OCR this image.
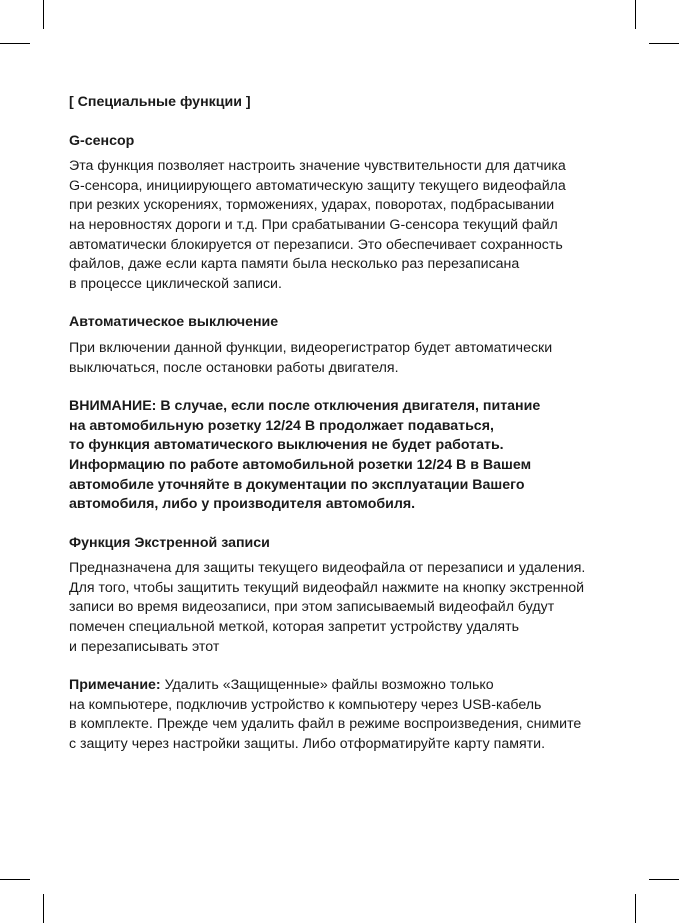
[ Специальные функции ]
G-сенсор
Эта функция позволяет настроить значение чувствительности для датчика
G-сенсора, инициирующего автоматическую защиту текущего видеофайла
при резких ускорениях, торможениях, ударах, поворотах, подбрасывании
на неровностях дороги и т.д. При срабатывании G-сенсора текущий файл
автоматически блокируется от перезаписи. Это обеспечивает сохранность
файлов, даже если карта памяти была несколько раз перезаписана
в процессе циклической записи.
Автоматическое выключение
При включении данной функции, видеорегистратор будет автоматически
выключаться, после остановки работы двигателя.
ВНИМАНИЕ: В случае, если после отключения двигателя, питание
на автомобильную розетку 12/24 В продолжает подаваться,
то функция автоматического выключения не будет работать.
Информацию по работе автомобильной розетки 12/24 В в Вашем
автомобиле уточняйте в документации по эксплуатации Вашего
автомобиля, либо у производителя автомобиля.
Функция Экстренной записи
Предназначена для защиты текущего видеофайла от перезаписи и удаления.
Для того, чтобы защитить текущий видеофайл нажмите на кнопку экстренной
записи во время видеозаписи, при этом записываемый видеофайл будут
помечен специальной меткой, которая запретит устройству удалять
и перезаписывать этот
Примечание: Удалить «Защищенные» файлы возможно только
на компьютере, подключив устройство к компьютеру через USB-кабель
в комплекте. Прежде чем удалить файл в режиме воспроизведения, снимите
с защиту через настройки защиты. Либо отформатируйте карту памяти.
